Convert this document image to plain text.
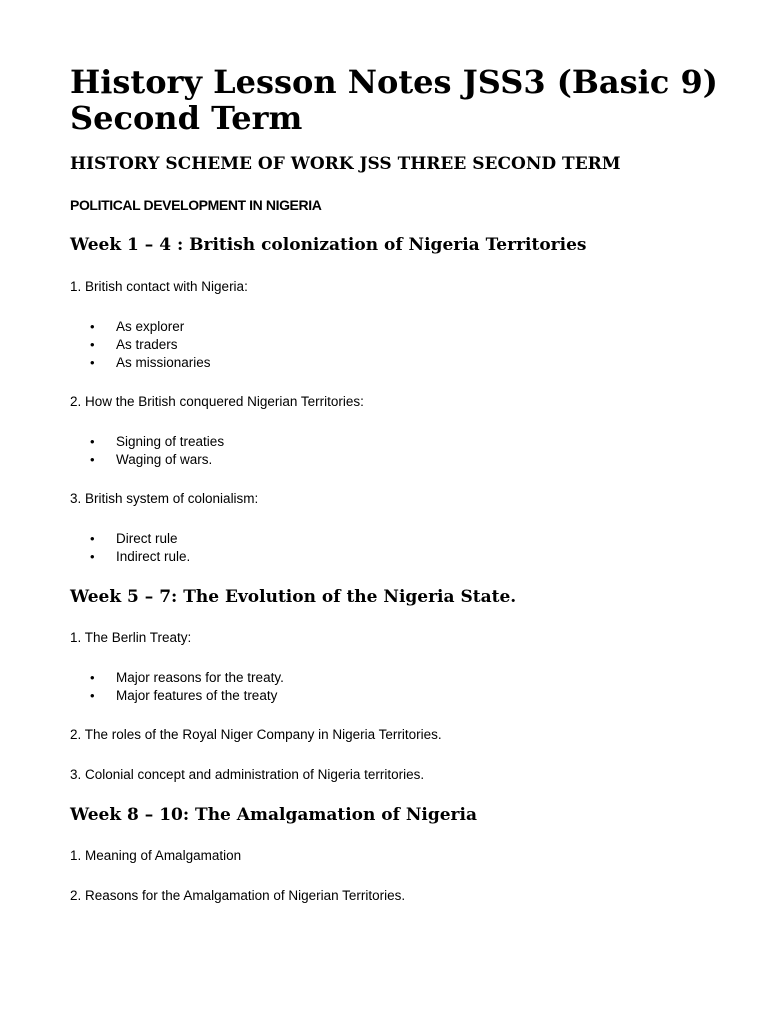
History Lesson Notes JSS3 (Basic 9)
Second Term
HISTORY SCHEME OF WORK JSS THREE SECOND TERM
POLITICAL DEVELOPMENT IN NIGERIA
Week 1 – 4 : British colonization of Nigeria Territories

1. British contact with Nigeria:

• As explorer
• As traders
• As missionaries

2. How the British conquered Nigerian Territories:

• Signing of treaties
• Waging of wars.

3. British system of colonialism:

• Direct rule
• Indirect rule.
Week 5 – 7: The Evolution of the Nigeria State.

1. The Berlin Treaty:

• Major reasons for the treaty.
• Major features of the treaty

2. The roles of the Royal Niger Company in Nigeria Territories.

3. Colonial concept and administration of Nigeria territories.

Week 8 – 10: The Amalgamation of Nigeria

1. Meaning of Amalgamation

2. Reasons for the Amalgamation of Nigerian Territories.
